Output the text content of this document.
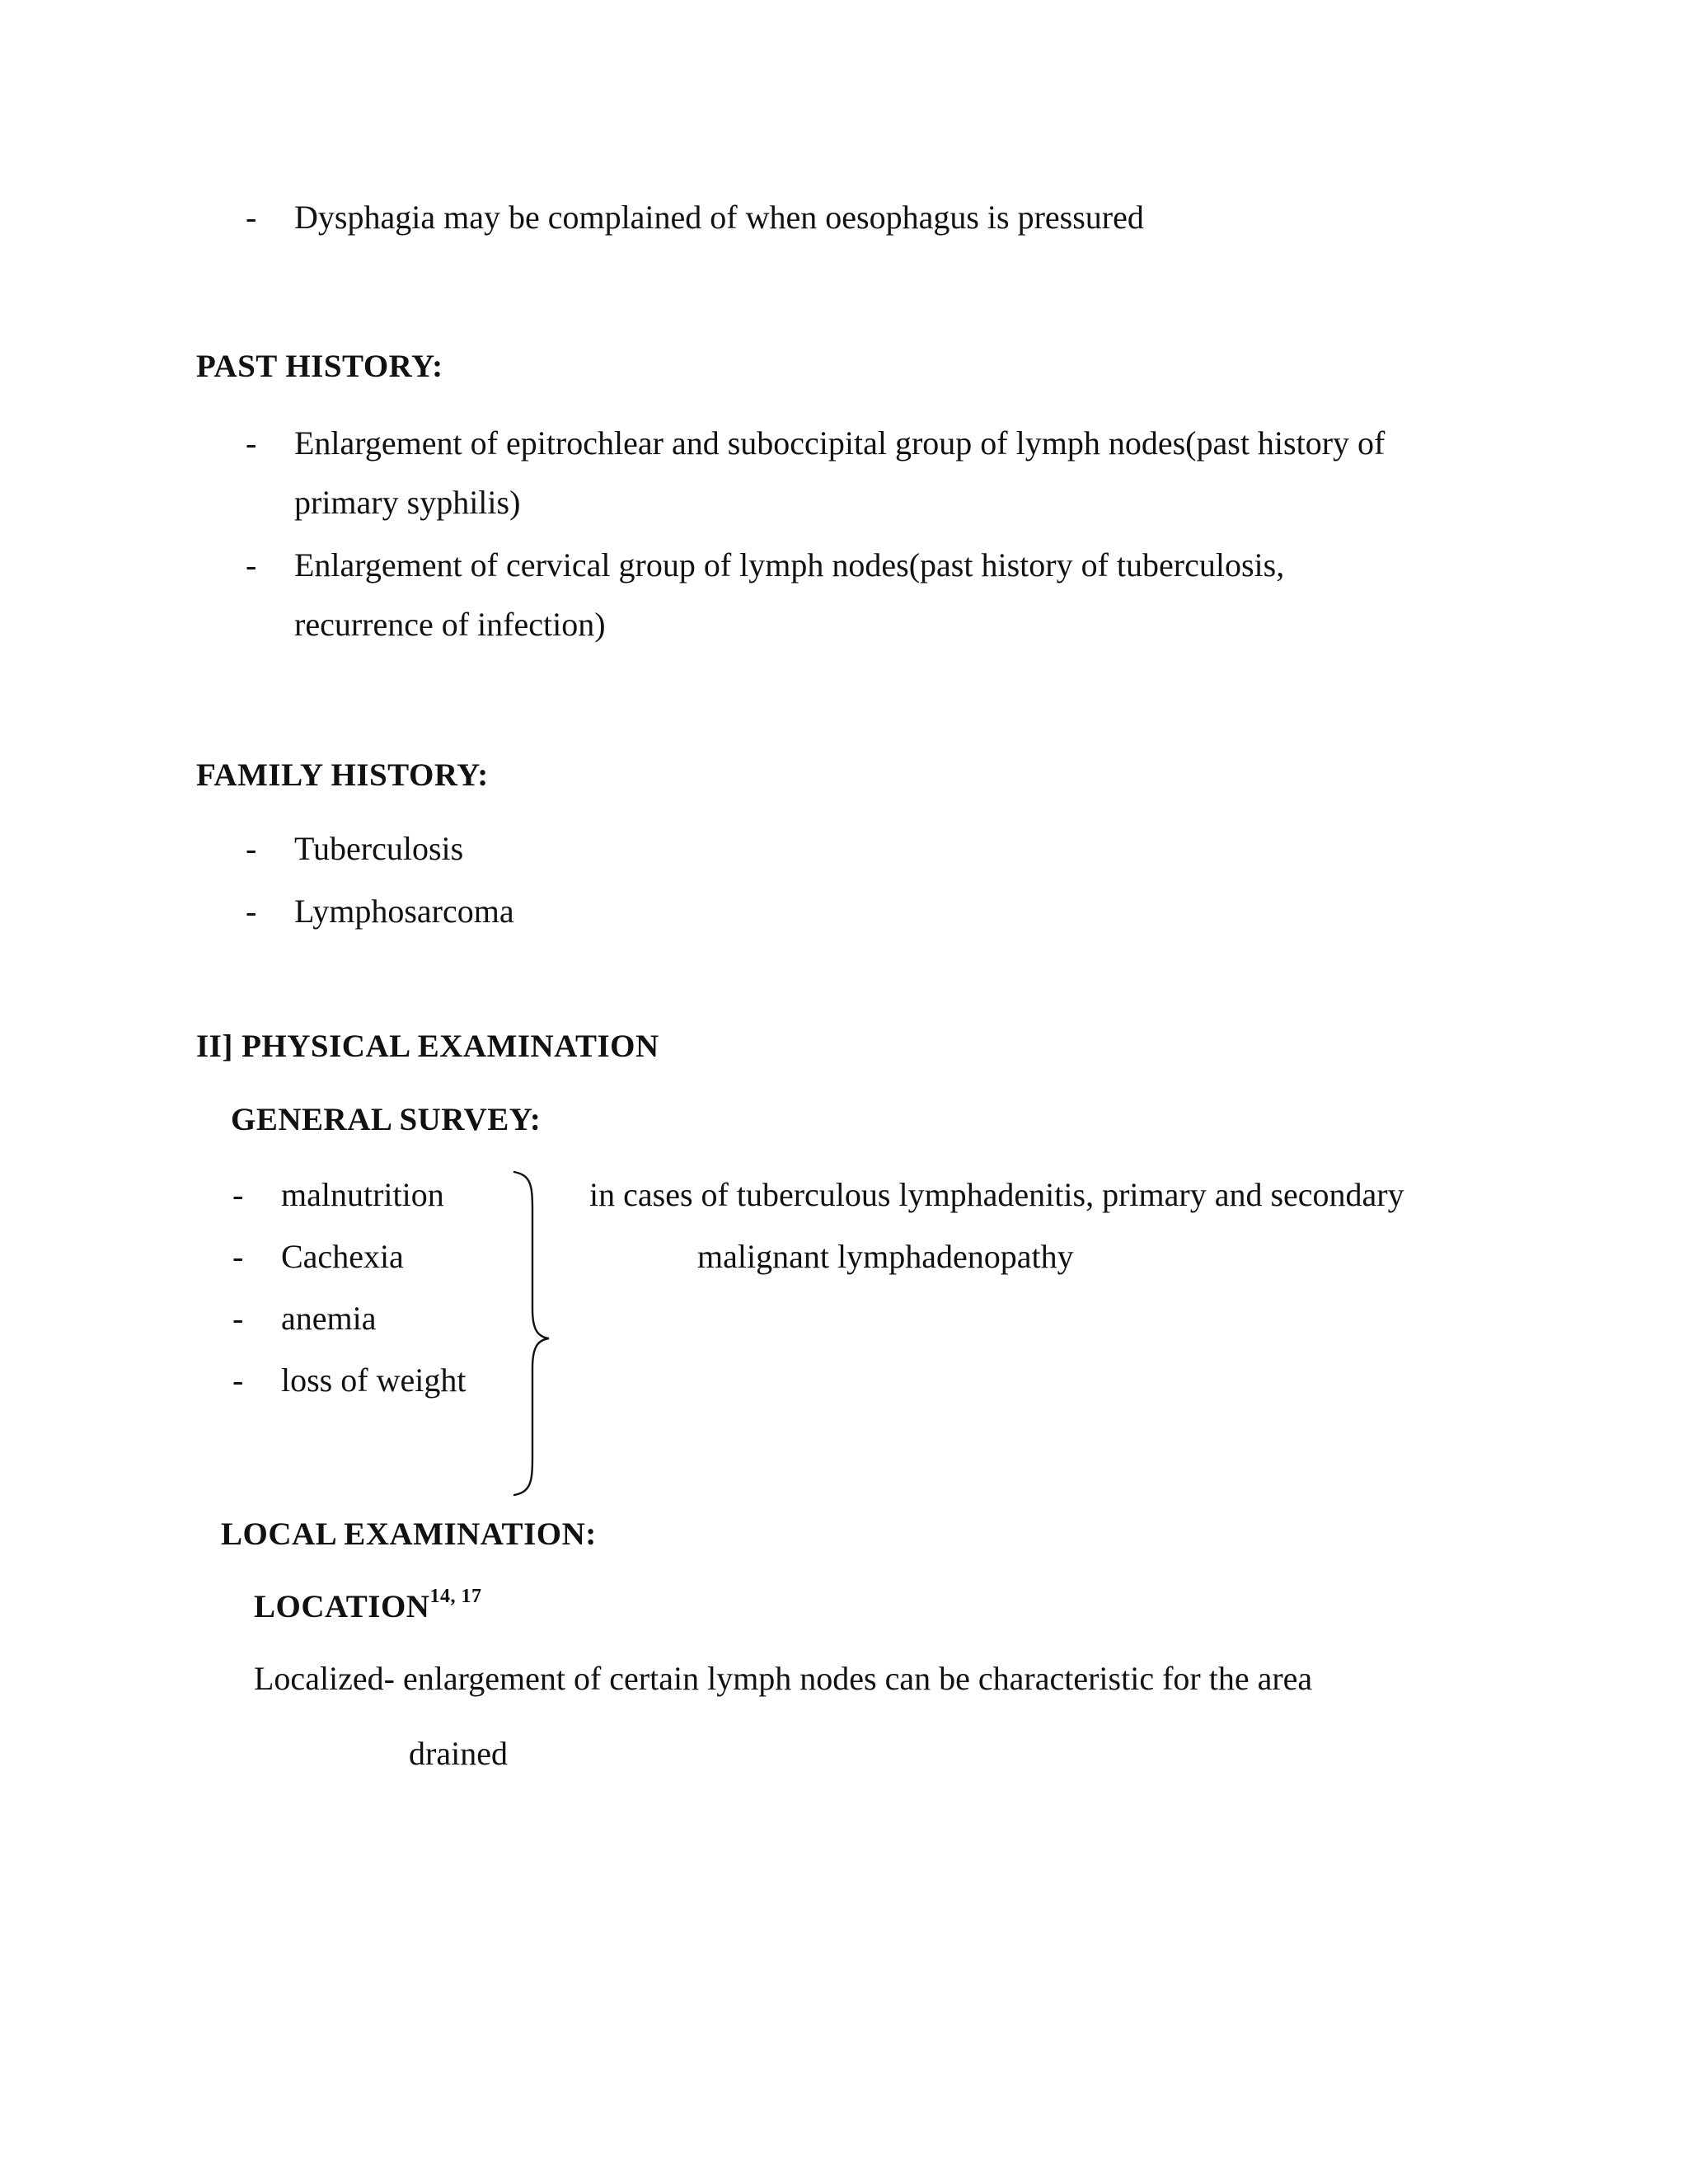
- Dysphagia may be complained of when oesophagus is pressured
PAST HISTORY:
- Enlargement of epitrochlear and suboccipital group of lymph nodes(past history of
primary syphilis)
- Enlargement of cervical group of lymph nodes(past history of tuberculosis,
recurrence of infection)
FAMILY HISTORY:
- Tuberculosis
- Lymphosarcoma
II] PHYSICAL EXAMINATION
GENERAL SURVEY:
- malnutrition
- Cachexia
- anemia
- loss of weight
in cases of tuberculous lymphadenitis, primary and secondary
malignant lymphadenopathy
LOCAL EXAMINATION:
LOCATION$^{14, 17}$
Localized- enlargement of certain lymph nodes can be characteristic for the area
drained
